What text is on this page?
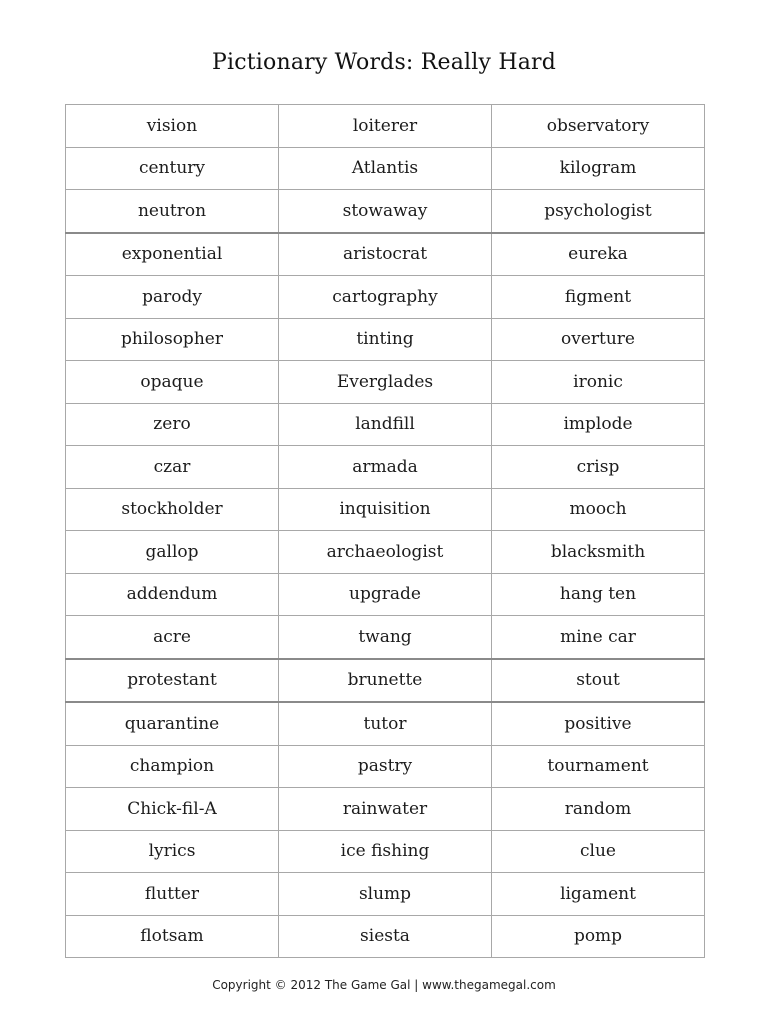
Pictionary Words: Really Hard
vision	loiterer	observatory
century	Atlantis	kilogram
neutron	stowaway	psychologist
exponential	aristocrat	eureka
parody	cartography	figment
philosopher	tinting	overture
opaque	Everglades	ironic
zero	landfill	implode
czar	armada	crisp
stockholder	inquisition	mooch
gallop	archaeologist	blacksmith
addendum	upgrade	hang ten
acre	twang	mine car
protestant	brunette	stout
quarantine	tutor	positive
champion	pastry	tournament
Chick-fil-A	rainwater	random
lyrics	ice fishing	clue
flutter	slump	ligament
flotsam	siesta	pomp
Copyright © 2012 The Game Gal | www.thegamegal.com
